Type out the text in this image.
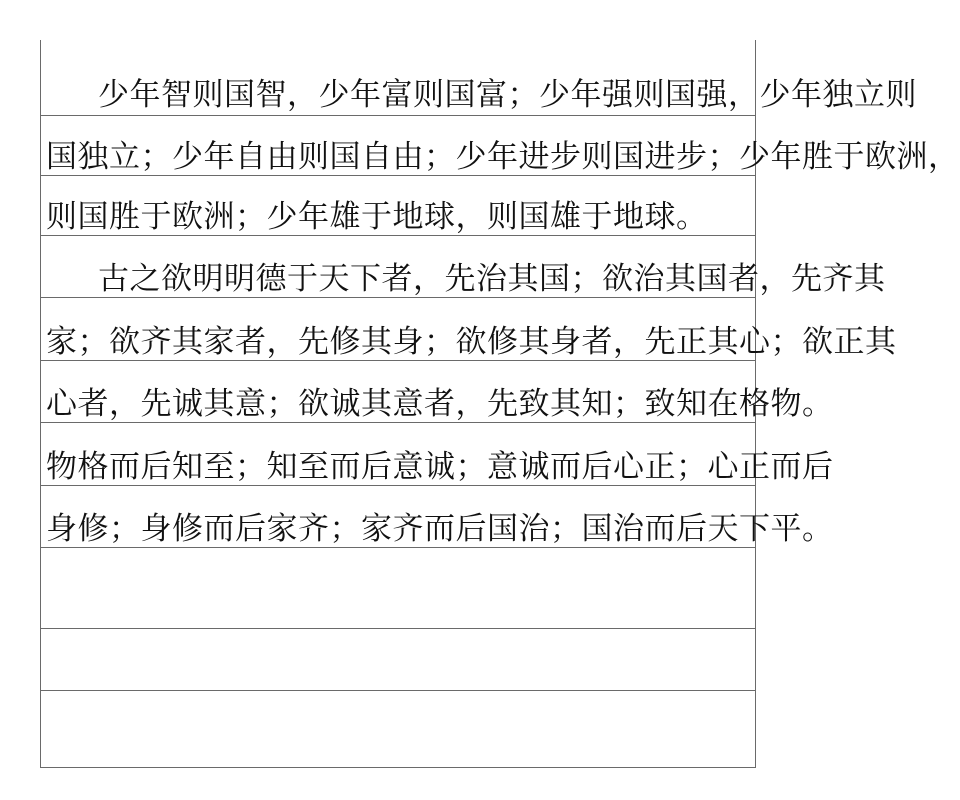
少年智则国智，少年富则国富；少年强则国强，少年独立则
国独立；少年自由则国自由；少年进步则国进步；少年胜于欧洲，
则国胜于欧洲；少年雄于地球，则国雄于地球。
古之欲明明德于天下者，先治其国；欲治其国者，先齐其
家；欲齐其家者，先修其身；欲修其身者，先正其心；欲正其
心者，先诚其意；欲诚其意者，先致其知；致知在格物。
物格而后知至；知至而后意诚；意诚而后心正；心正而后
身修；身修而后家齐；家齐而后国治；国治而后天下平。
